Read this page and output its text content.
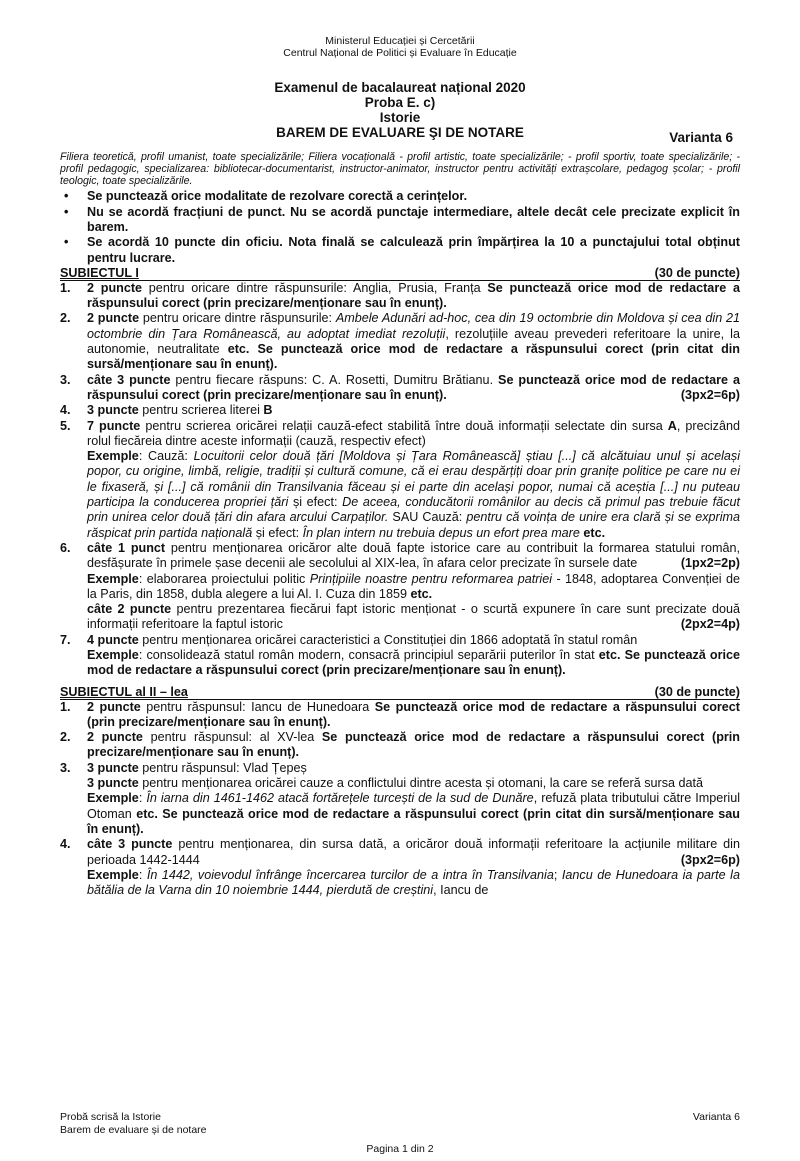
Ministerul Educației și Cercetării
Centrul Național de Politici și Evaluare în Educație
Examenul de bacalaureat național 2020
Proba E. c)
Istorie
BAREM DE EVALUARE ŞI DE NOTARE	Varianta 6

Filiera teoretică, profil umanist, toate specializările; Filiera vocațională - profil artistic, toate specializările; - profil sportiv, toate specializările; - profil pedagogic, specializarea: bibliotecar-documentarist, instructor-animator, instructor pentru activități extrașcolare, pedagog școlar; - profil teologic, toate specializările.

• Se punctează orice modalitate de rezolvare corectă a cerințelor.
• Nu se acordă fracțiuni de punct. Nu se acordă punctaje intermediare, altele decât cele precizate explicit în barem.
• Se acordă 10 puncte din oficiu. Nota finală se calculează prin împărțirea la 10 a punctajului total obținut pentru lucrare.
SUBIECTUL I	(30 de puncte)
1. 2 puncte pentru oricare dintre răspunsurile: Anglia, Prusia, Franța Se punctează orice mod de redactare a răspunsului corect (prin precizare/menționare sau în enunț).
2. 2 puncte pentru oricare dintre răspunsurile: Ambele Adunări ad-hoc, cea din 19 octombrie din Moldova și cea din 21 octombrie din Țara Românească, au adoptat imediat rezoluții, rezoluțiile aveau prevederi referitoare la unire, la autonomie, neutralitate etc. Se punctează orice mod de redactare a răspunsului corect (prin citat din sursă/menționare sau în enunț).
3. câte 3 puncte pentru fiecare răspuns: C. A. Rosetti, Dumitru Brătianu. Se punctează orice mod de redactare a răspunsului corect (prin precizare/menționare sau în enunț).	(3px2=6p)
4. 3 puncte pentru scrierea literei B
5. 7 puncte pentru scrierea oricărei relații cauză-efect stabilită între două informații selectate din sursa A, precizând rolul fiecăreia dintre aceste informații (cauză, respectiv efect)
Exemple: Cauză: Locuitorii celor două țări [Moldova și Țara Românească] știau [...] că alcătuiau unul și același popor, cu origine, limbă, religie, tradiții și cultură comune, că ei erau despărțiți doar prin granițe politice pe care nu ei le fixaseră, și [...] că românii din Transilvania făceau și ei parte din același popor, numai că aceștia [...] nu puteau participa la conducerea propriei țări și efect: De aceea, conducătorii românilor au decis că primul pas trebuie făcut prin unirea celor două țări din afara arcului Carpaților. SAU Cauză: pentru că voința de unire era clară și se exprima răspicat prin partida națională și efect: În plan intern nu trebuia depus un efort prea mare etc.
6. câte 1 punct pentru menționarea oricăror alte două fapte istorice care au contribuit la formarea statului român, desfășurate în primele șase decenii ale secolului al XIX-lea, în afara celor precizate în sursele date	(1px2=2p)

Exemple: elaborarea proiectului politic Prințipiile noastre pentru reformarea patriei - 1848, adoptarea Convenției de la Paris, din 1858, dubla alegere a lui Al. I. Cuza din 1859 etc.
câte 2 puncte pentru prezentarea fiecărui fapt istoric menționat - o scurtă expunere în care sunt precizate două informații referitoare la faptul istoric	(2px2=4p)
7. 4 puncte pentru menționarea oricărei caracteristici a Constituției din 1866 adoptată în statul român
Exemple: consolidează statul român modern, consacră principiul separării puterilor în stat etc. Se punctează orice mod de redactare a răspunsului corect (prin precizare/menționare sau în enunț).
SUBIECTUL al II – lea	(30 de puncte)
1. 2 puncte pentru răspunsul: Iancu de Hunedoara Se punctează orice mod de redactare a răspunsului corect (prin precizare/menționare sau în enunț).
2. 2 puncte pentru răspunsul: al XV-lea Se punctează orice mod de redactare a răspunsului corect (prin precizare/menționare sau în enunț).
3. 3 puncte pentru răspunsul: Vlad Țepeș
3 puncte pentru menționarea oricărei cauze a conflictului dintre acesta și otomani, la care se referă sursa dată
Exemple: În iarna din 1461-1462 atacă fortărețele turcești de la sud de Dunăre, refuză plata tributului către Imperiul Otoman etc. Se punctează orice mod de redactare a răspunsului corect (prin citat din sursă/menționare sau în enunț).
4. câte 3 puncte pentru menționarea, din sursa dată, a oricăror două informații referitoare la acțiunile militare din perioada 1442-1444	(3px2=6p)

Exemple: În 1442, voievodul înfrânge încercarea turcilor de a intra în Transilvania; Iancu de Hunedoara ia parte la bătălia de la Varna din 10 noiembrie 1444, pierdută de creștini, Iancu de
Probă scrisă la Istorie	Varianta 6
Barem de evaluare și de notare
Pagina 1 din 2
